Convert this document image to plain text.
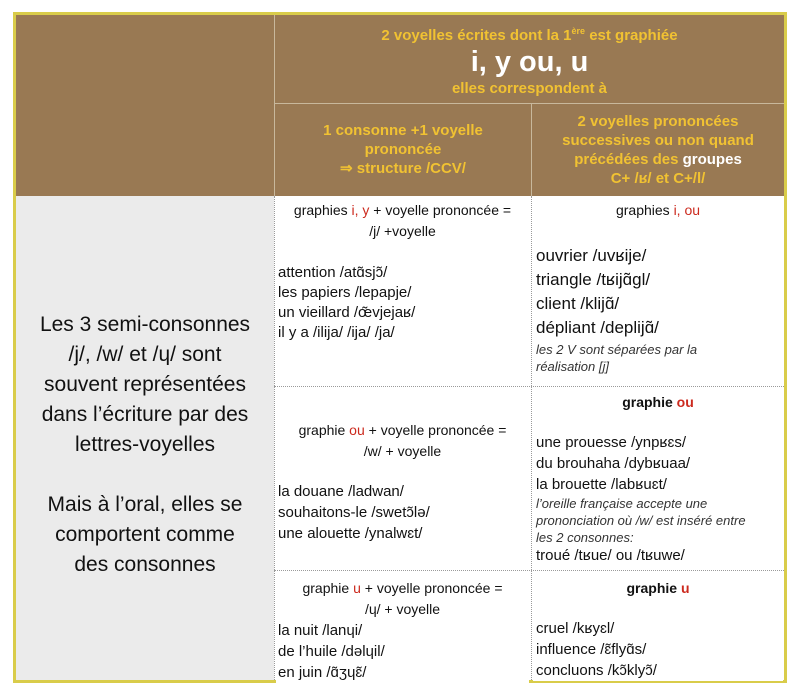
2 voyelles écrites dont la 1ère est graphiée
i, y ou, u
elles correspondent à
1 consonne +1 voyelle
prononcée
⇒ structure /CCV/
2 voyelles prononcées
successives ou non quand
précédées des groupes
C+ /ʁ/ et C+/l/
Les 3 semi-consonnes
/j/, /w/ et /ɥ/ sont
souvent représentées
dans l’écriture par des
lettres-voyelles
Mais à l’oral, elles se
comportent comme
des consonnes
graphies i, y + voyelle prononcée =
/j/ +voyelle
attention /atɑ̃sjɔ̃/
les papiers /lepapje/
un vieillard /œ̃vjejaʁ/
il y a /ilija/ /ija/ /ja/
graphies i, ou
ouvrier /uvʁije/
triangle /tʁijɑ̃gl/
client /klijɑ̃/
dépliant /deplijɑ̃/
les 2 V sont séparées par la
réalisation [j]
graphie ou + voyelle prononcée =
/w/ + voyelle
la douane /ladwan/
souhaitons-le /swetɔ̃lə/
une alouette /ynalwɛt/
graphie ou
une prouesse /ynpʁɛs/
du brouhaha /dybʁuaa/
la brouette /labʁuɛt/
l’oreille française accepte une
prononciation où /w/ est inséré entre
les 2 consonnes:
troué /tʁue/ ou /tʁuwe/
graphie u + voyelle prononcée =
/ɥ/ + voyelle
la nuit /lanɥi/
de l’huile /dəlɥil/
en juin /ɑ̃ʒɥɛ̃/
graphie u
cruel /kʁyɛl/
influence /ɛ̃flyɑ̃s/
concluons /kɔ̃klyɔ̃/
